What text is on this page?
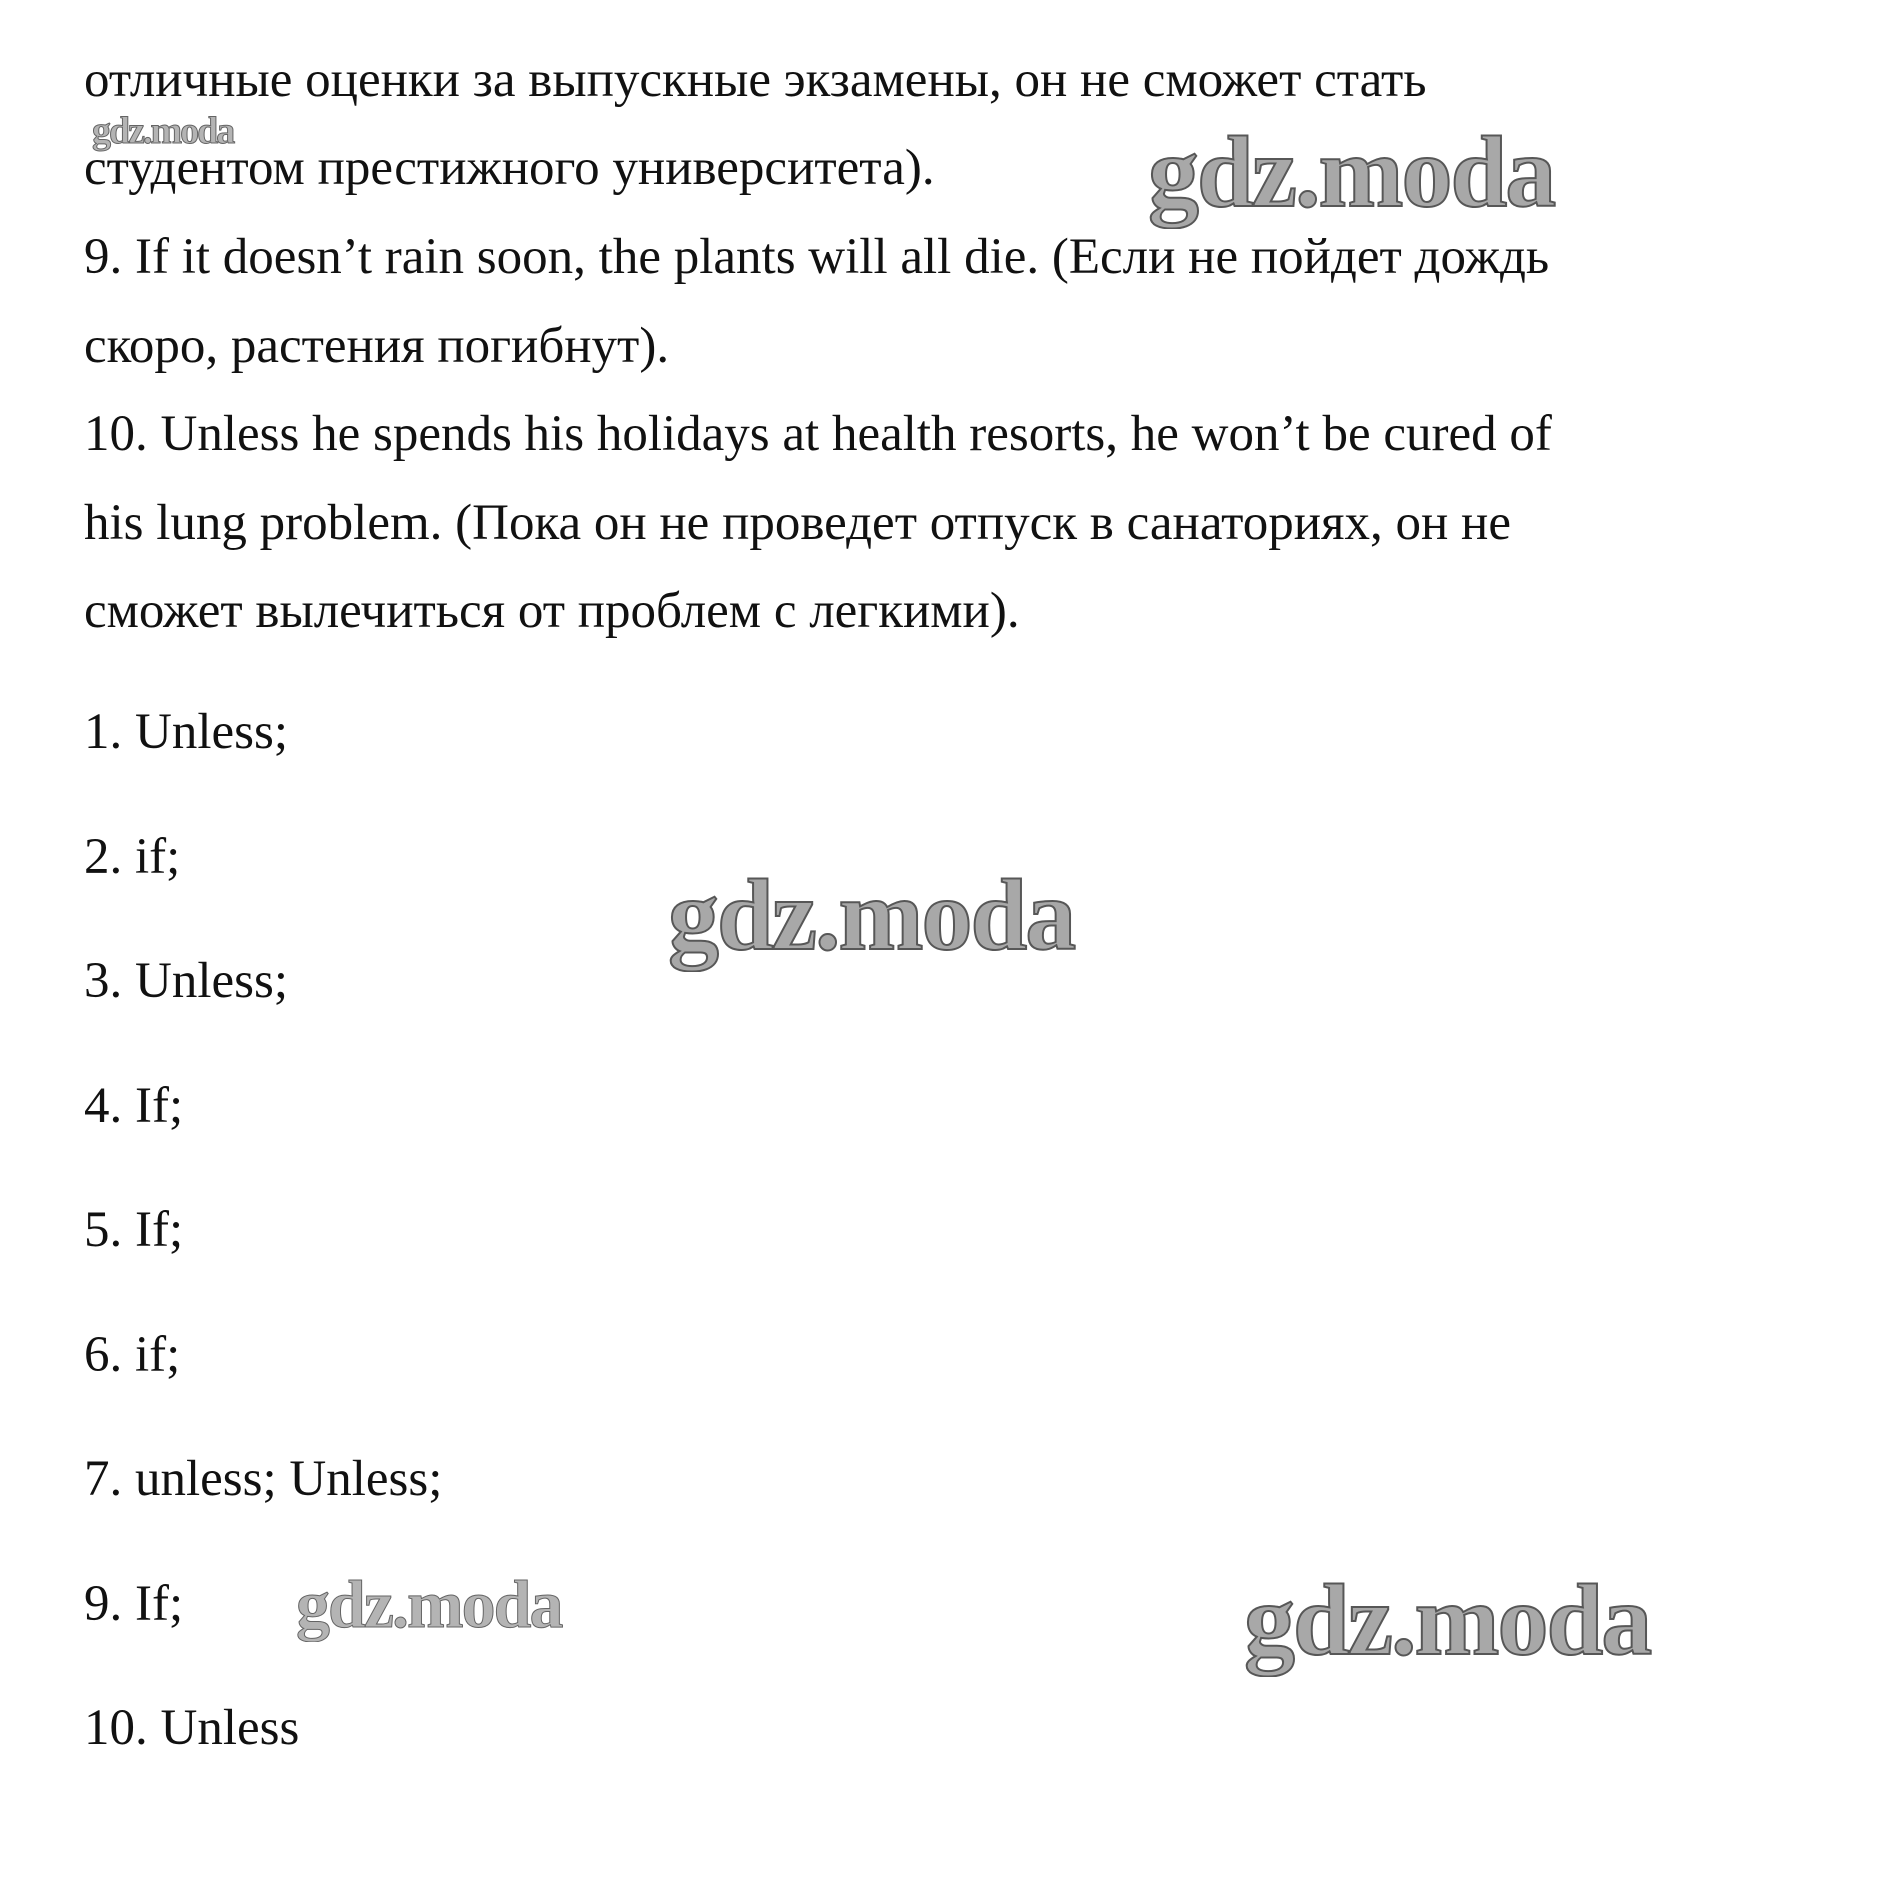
отличные оценки за выпускные экзамены, он не сможет стать
студентом престижного университета).
9. If it doesn’t rain soon, the plants will all die. (Если не пойдет дождь
скоро, растения погибнут).
10. Unless he spends his holidays at health resorts, he won’t be cured of
his lung problem. (Пока он не проведет отпуск в санаториях, он не
сможет вылечиться от проблем с легкими).
1. Unless;
2. if;
3. Unless;
4. If;
5. If;
6. if;
7. unless; Unless;
9. If;
10. Unless
gdz.moda	gdz.moda
gdz.moda
gdz.moda	gdz.moda
